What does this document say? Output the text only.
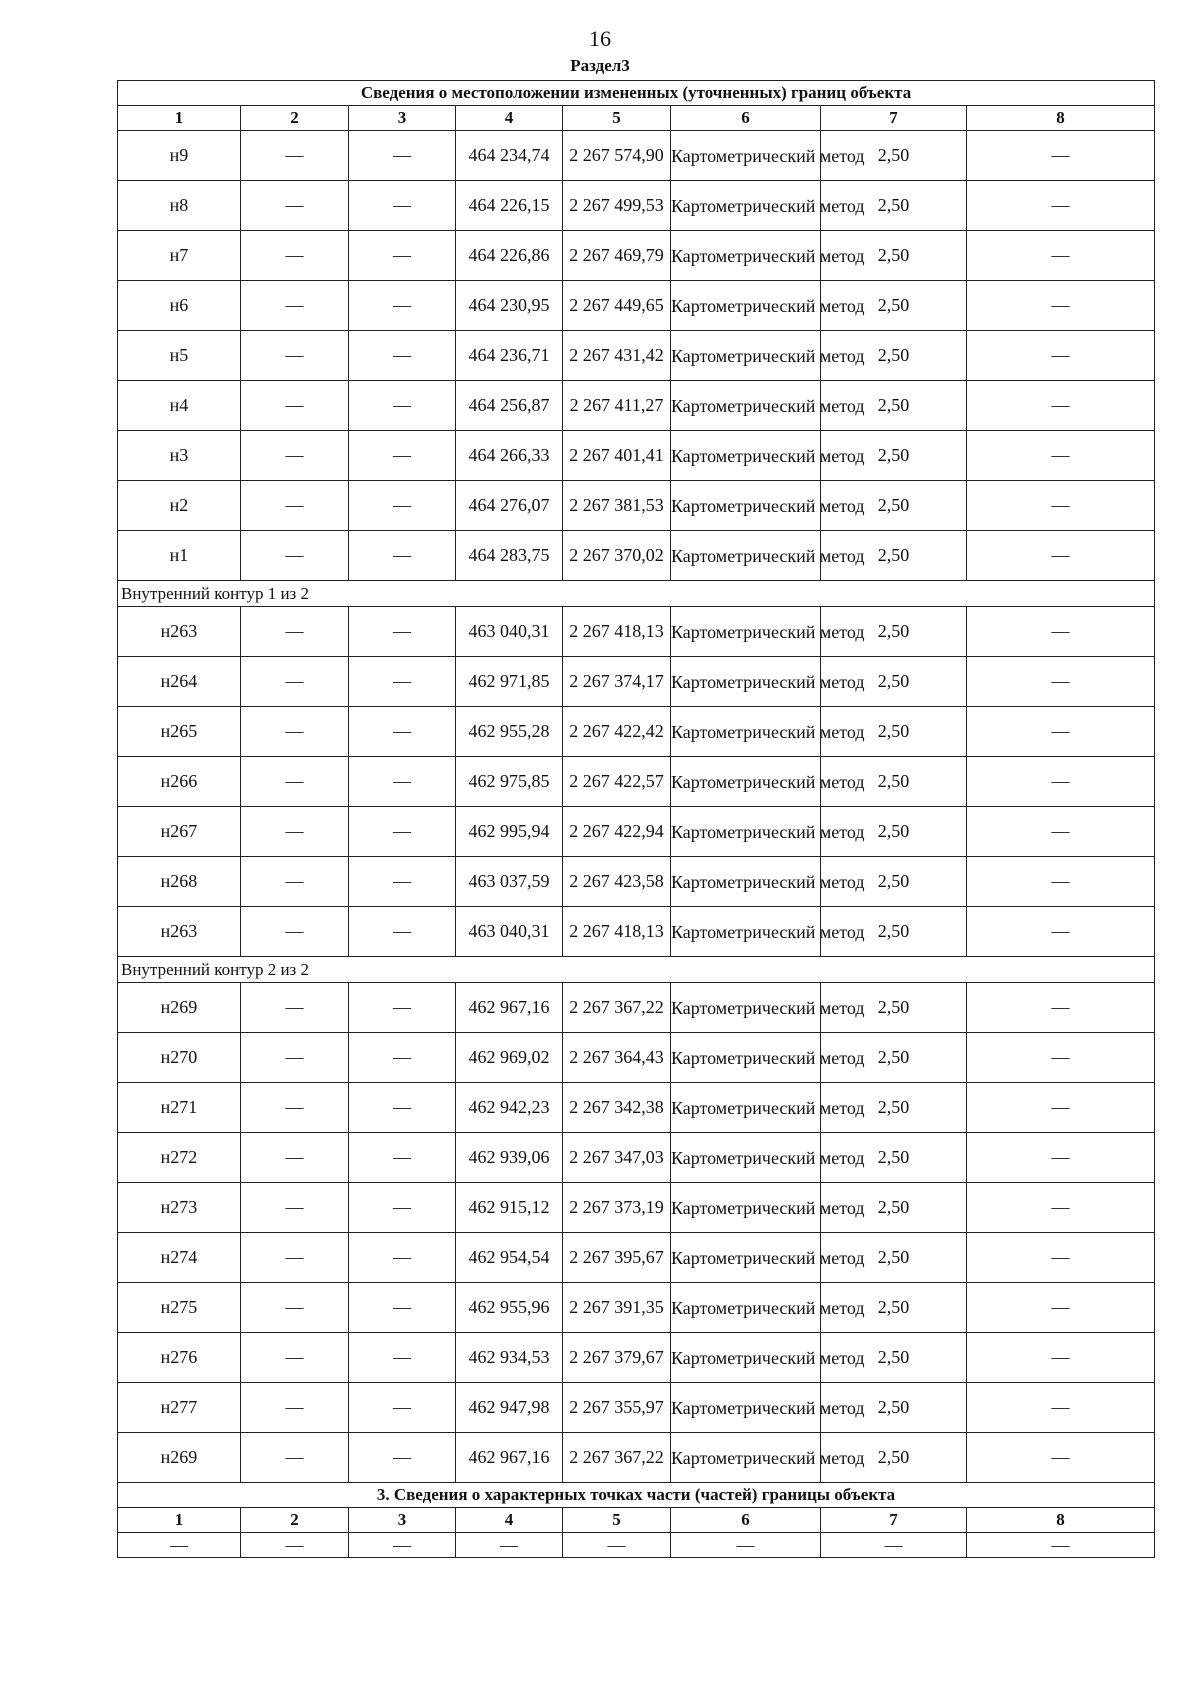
16
Раздел3
Сведения о местоположении измененных (уточненных) границ объекта							
1	2	3	4	5	6	7	8
н9	—	—	464 234,74	2 267 574,90	Картометрический метод	2,50	—
н8	—	—	464 226,15	2 267 499,53	Картометрический метод	2,50	—
н7	—	—	464 226,86	2 267 469,79	Картометрический метод	2,50	—
н6	—	—	464 230,95	2 267 449,65	Картометрический метод	2,50	—
н5	—	—	464 236,71	2 267 431,42	Картометрический метод	2,50	—
н4	—	—	464 256,87	2 267 411,27	Картометрический метод	2,50	—
н3	—	—	464 266,33	2 267 401,41	Картометрический метод	2,50	—
н2	—	—	464 276,07	2 267 381,53	Картометрический метод	2,50	—
н1	—	—	464 283,75	2 267 370,02	Картометрический метод	2,50	—
Внутренний контур 1 из 2							
н263	—	—	463 040,31	2 267 418,13	Картометрический метод	2,50	—
н264	—	—	462 971,85	2 267 374,17	Картометрический метод	2,50	—
н265	—	—	462 955,28	2 267 422,42	Картометрический метод	2,50	—
н266	—	—	462 975,85	2 267 422,57	Картометрический метод	2,50	—
н267	—	—	462 995,94	2 267 422,94	Картометрический метод	2,50	—
н268	—	—	463 037,59	2 267 423,58	Картометрический метод	2,50	—
н263	—	—	463 040,31	2 267 418,13	Картометрический метод	2,50	—
Внутренний контур 2 из 2							
н269	—	—	462 967,16	2 267 367,22	Картометрический метод	2,50	—
н270	—	—	462 969,02	2 267 364,43	Картометрический метод	2,50	—
н271	—	—	462 942,23	2 267 342,38	Картометрический метод	2,50	—
н272	—	—	462 939,06	2 267 347,03	Картометрический метод	2,50	—
н273	—	—	462 915,12	2 267 373,19	Картометрический метод	2,50	—
н274	—	—	462 954,54	2 267 395,67	Картометрический метод	2,50	—
н275	—	—	462 955,96	2 267 391,35	Картометрический метод	2,50	—
н276	—	—	462 934,53	2 267 379,67	Картометрический метод	2,50	—
н277	—	—	462 947,98	2 267 355,97	Картометрический метод	2,50	—
н269	—	—	462 967,16	2 267 367,22	Картометрический метод	2,50	—
3. Сведения о характерных точках части (частей) границы объекта							
1	2	3	4	5	6	7	8
—	—	—	—	—	—	—	—
